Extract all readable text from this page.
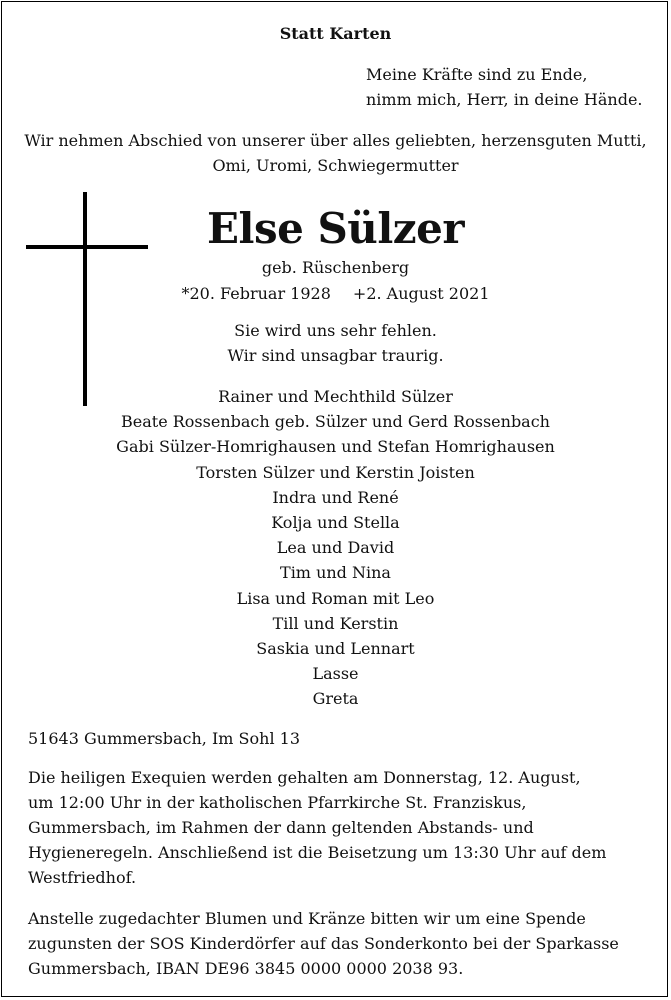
Statt Karten
Meine Kräfte sind zu Ende,
nimm mich, Herr, in deine Hände.
Wir nehmen Abschied von unserer über alles geliebten, herzensguten Mutti,
Omi, Uromi, Schwiegermutter
Else Sülzer
geb. Rüschenberg
*20. Februar 1928 +2. August 2021
Sie wird uns sehr fehlen.
Wir sind unsagbar traurig.
Rainer und Mechthild Sülzer
Beate Rossenbach geb. Sülzer und Gerd Rossenbach
Gabi Sülzer-Homrighausen und Stefan Homrighausen
Torsten Sülzer und Kerstin Joisten
Indra und René
Kolja und Stella
Lea und David
Tim und Nina
Lisa und Roman mit Leo
Till und Kerstin
Saskia und Lennart
Lasse
Greta
51643 Gummersbach, Im Sohl 13
Die heiligen Exequien werden gehalten am Donnerstag, 12. August,
um 12:00 Uhr in der katholischen Pfarrkirche St. Franziskus,
Gummersbach, im Rahmen der dann geltenden Abstands- und
Hygieneregeln. Anschließend ist die Beisetzung um 13:30 Uhr auf dem
Westfriedhof.
Anstelle zugedachter Blumen und Kränze bitten wir um eine Spende
zugunsten der SOS Kinderdörfer auf das Sonderkonto bei der Sparkasse
Gummersbach, IBAN DE96 3845 0000 0000 2038 93.
